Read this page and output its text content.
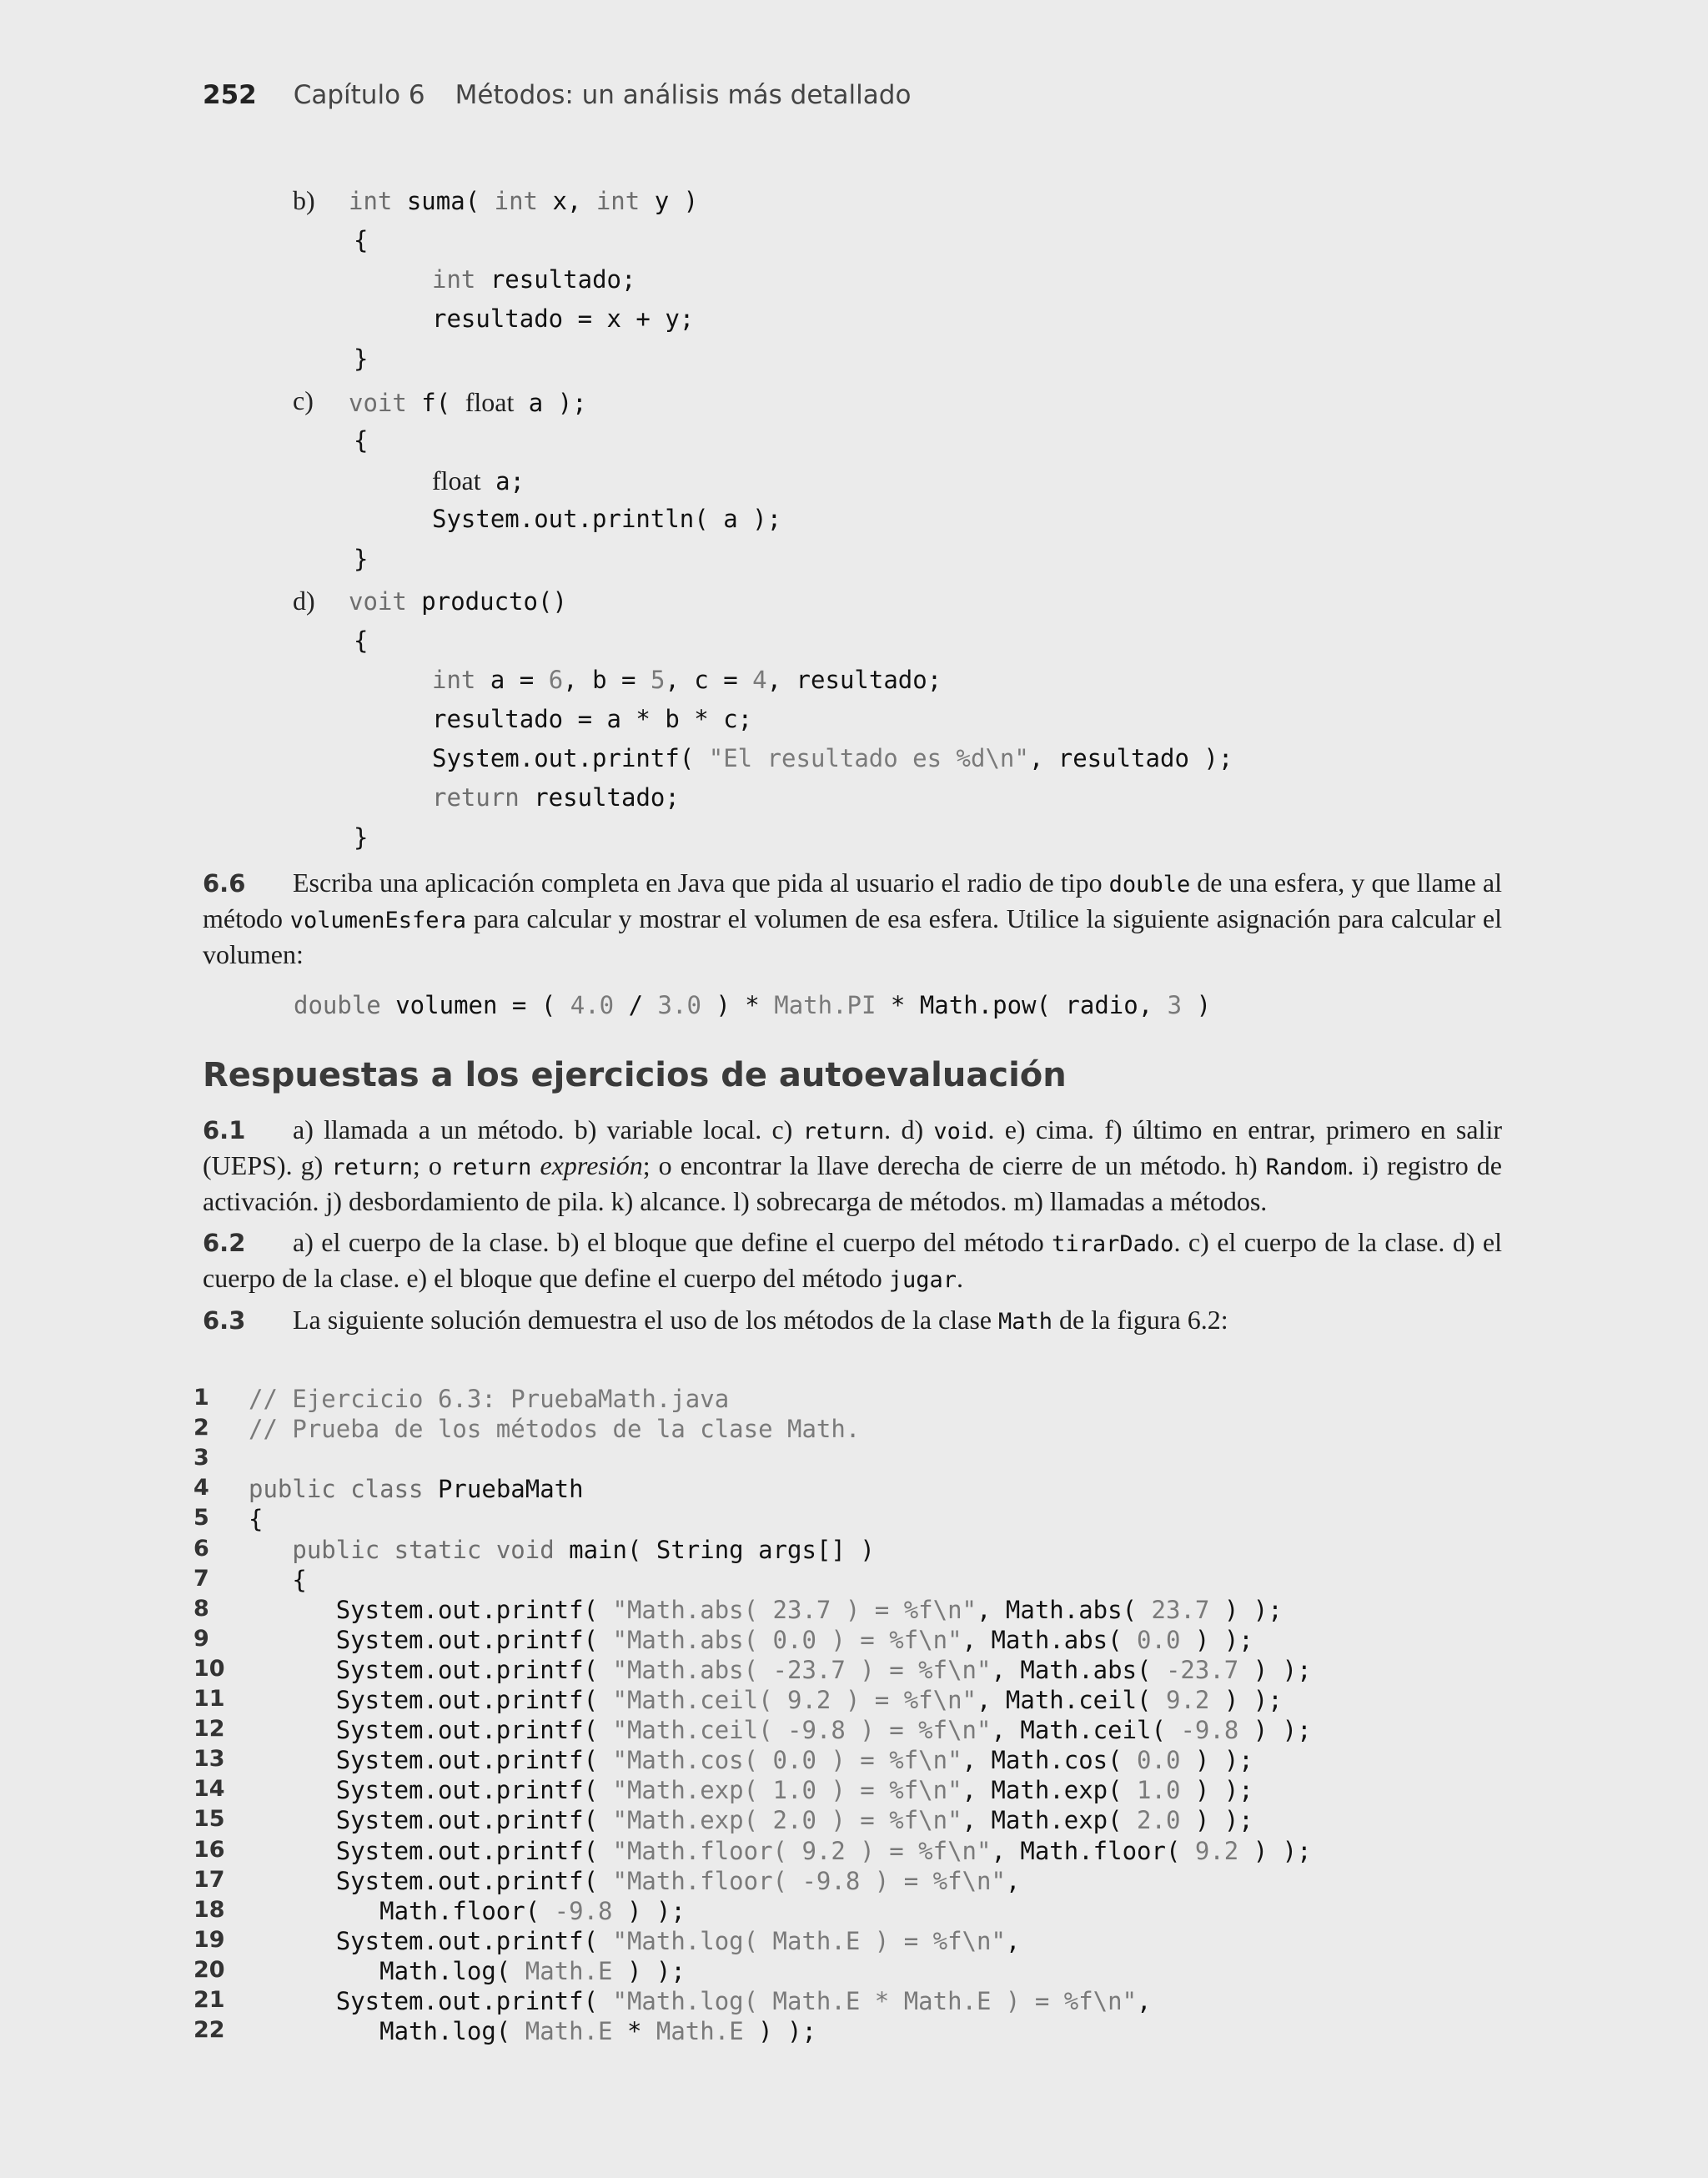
252 Capítulo 6 Métodos: un análisis más detallado
b) int suma( int x, int y )
{
int resultado;
resultado = x + y;
}
c) voit f( float a );
{
float a;
System.out.println( a );
}
d) voit producto()
{
int a = 6, b = 5, c = 4, resultado;
resultado = a * b * c;
System.out.printf( "El resultado es %d\n", resultado );
return resultado;
}
6.6 Escriba una aplicación completa en Java que pida al usuario el radio de tipo double de una esfera, y que llame al método volumenEsfera para calcular y mostrar el volumen de esa esfera. Utilice la siguiente asignación para calcular el volumen:
double volumen = ( 4.0 / 3.0 ) * Math.PI * Math.pow( radio, 3 )
Respuestas a los ejercicios de autoevaluación
6.1 a) llamada a un método. b) variable local. c) return. d) void. e) cima. f) último en entrar, primero en salir (UEPS). g) return; o return expresión; o encontrar la llave derecha de cierre de un método. h) Random. i) registro de activación. j) desbordamiento de pila. k) alcance. l) sobrecarga de métodos. m) llamadas a métodos.
6.2 a) el cuerpo de la clase. b) el bloque que define el cuerpo del método tirarDado. c) el cuerpo de la clase. d) el cuerpo de la clase. e) el bloque que define el cuerpo del método jugar.
6.3 La siguiente solución demuestra el uso de los métodos de la clase Math de la figura 6.2:
1 // Ejercicio 6.3: PruebaMath.java
2 // Prueba de los métodos de la clase Math.
3
4 public class PruebaMath
5 {
6	public static void main( String args[] )
7 {
8 System.out.printf( "Math.abs( 23.7 ) = %f\n", Math.abs( 23.7 ) );
9 System.out.printf( "Math.abs( 0.0 ) = %f\n", Math.abs( 0.0 ) );
10 System.out.printf( "Math.abs( -23.7 ) = %f\n", Math.abs( -23.7 ) );
11 System.out.printf( "Math.ceil( 9.2 ) = %f\n", Math.ceil( 9.2 ) );
12 System.out.printf( "Math.ceil( -9.8 ) = %f\n", Math.ceil( -9.8 ) );
13 System.out.printf( "Math.cos( 0.0 ) = %f\n", Math.cos( 0.0 ) );
14 System.out.printf( "Math.exp( 1.0 ) = %f\n", Math.exp( 1.0 ) );
15 System.out.printf( "Math.exp( 2.0 ) = %f\n", Math.exp( 2.0 ) );
16 System.out.printf( "Math.floor( 9.2 ) = %f\n", Math.floor( 9.2 ) );
17 System.out.printf( "Math.floor( -9.8 ) = %f\n",
18 Math.floor( -9.8 ) );
19 System.out.printf( "Math.log( Math.E ) = %f\n",
20 Math.log( Math.E ) );
21 System.out.printf( "Math.log( Math.E * Math.E ) = %f\n",
22 Math.log( Math.E * Math.E ) );
